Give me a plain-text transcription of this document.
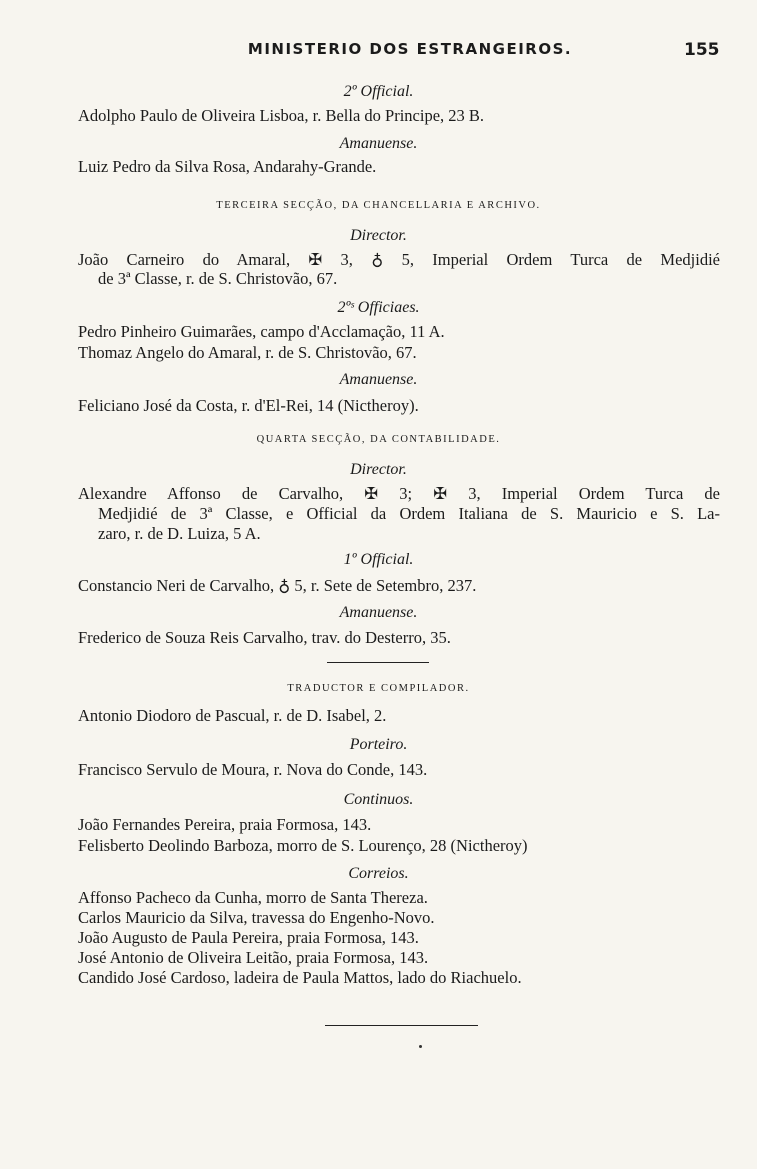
MINISTERIO DOS ESTRANGEIROS.	155
2º Official.
Adolpho Paulo de Oliveira Lisboa, r. Bella do Principe, 23 B.
Amanuense.
Luiz Pedro da Silva Rosa, Andarahy-Grande.
TERCEIRA SECÇÃO, DA CHANCELLARIA E ARCHIVO.
Director.
João Carneiro do Amaral, ✠ 3, ♁ 5, Imperial Ordem Turca de Medjidié
de 3ª Classe, r. de S. Christovão, 67.
2ºˢ Officiaes.
Pedro Pinheiro Guimarães, campo d'Acclamação, 11 A.
Thomaz Angelo do Amaral, r. de S. Christovão, 67.
Amanuense.
Feliciano José da Costa, r. d'El-Rei, 14 (Nictheroy).
QUARTA SECÇÃO, DA CONTABILIDADE.
Director.
Alexandre Affonso de Carvalho, ✠ 3; ✠ 3, Imperial Ordem Turca de
Medjidié de 3ª Classe, e Official da Ordem Italiana de S. Mauricio e S. La-
zaro, r. de D. Luiza, 5 A.
1º Official.
Constancio Neri de Carvalho, ♁ 5, r. Sete de Setembro, 237.
Amanuense.
Frederico de Souza Reis Carvalho, trav. do Desterro, 35.
TRADUCTOR E COMPILADOR.
Antonio Diodoro de Pascual, r. de D. Isabel, 2.
Porteiro.
Francisco Servulo de Moura, r. Nova do Conde, 143.
Continuos.
João Fernandes Pereira, praia Formosa, 143.
Felisberto Deolindo Barboza, morro de S. Lourenço, 28 (Nictheroy)
Correios.
Affonso Pacheco da Cunha, morro de Santa Thereza.
Carlos Mauricio da Silva, travessa do Engenho-Novo.
João Augusto de Paula Pereira, praia Formosa, 143.
José Antonio de Oliveira Leitão, praia Formosa, 143.
Candido José Cardoso, ladeira de Paula Mattos, lado do Riachuelo.
